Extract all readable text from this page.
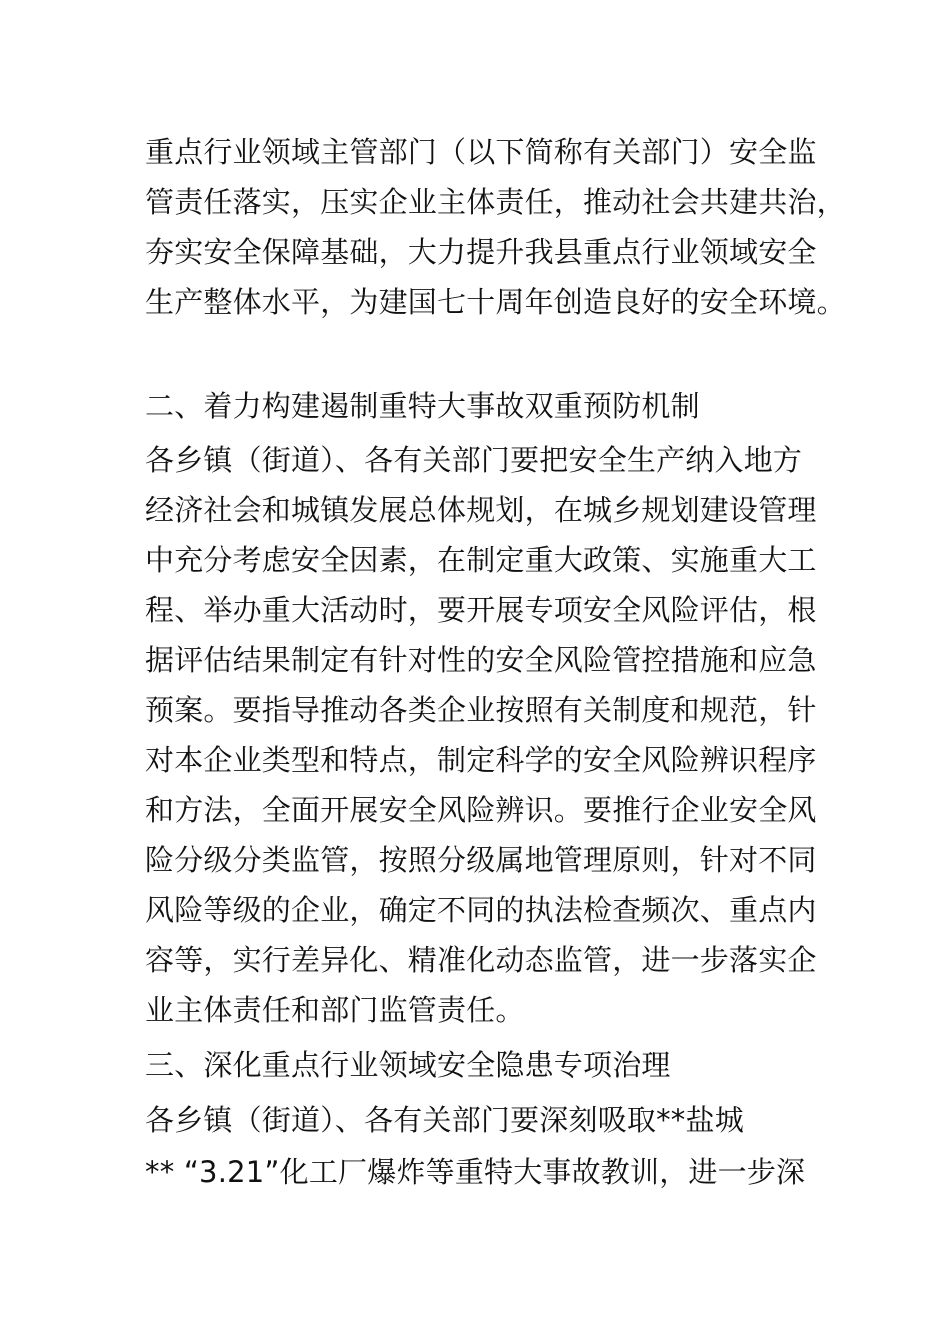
重点行业领域主管部门（以下简称有关部门）安全监
管责任落实，压实企业主体责任，推动社会共建共治，
夯实安全保障基础，大力提升我县重点行业领域安全
生产整体水平，为建国七十周年创造良好的安全环境。
二、着力构建遏制重特大事故双重预防机制
各乡镇（街道）、各有关部门要把安全生产纳入地方
经济社会和城镇发展总体规划，在城乡规划建设管理
中充分考虑安全因素，在制定重大政策、实施重大工
程、举办重大活动时，要开展专项安全风险评估，根
据评估结果制定有针对性的安全风险管控措施和应急
预案。要指导推动各类企业按照有关制度和规范，针
对本企业类型和特点，制定科学的安全风险辨识程序
和方法，全面开展安全风险辨识。要推行企业安全风
险分级分类监管，按照分级属地管理原则，针对不同
风险等级的企业，确定不同的执法检查频次、重点内
容等，实行差异化、精准化动态监管，进一步落实企
业主体责任和部门监管责任。
三、深化重点行业领域安全隐患专项治理
各乡镇（街道）、各有关部门要深刻吸取**盐城
** “3.21”化工厂爆炸等重特大事故教训，进一步深
